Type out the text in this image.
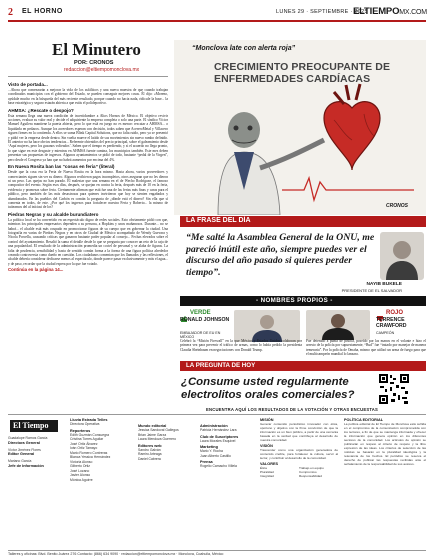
2 EL HORNO	LUNES 29 · SEPTIEMBRE · 2025
ELTIEMPOMX.COM
El Minutero
POR: CRONOS
redaccion@eltiempomonclova.mx
Visto de portada...

...Ahora que comenzarán a mejorar la vida de los asfálticos y una nueva muestra de que cuando trabajan coordinados municipios con el gobierno del Estado, se pueden conseguir mejores cosas. Él dijo: «Moreno, ayúdale mucho en la búsqueda del más reciente resultado, porque cuando no hacia nada, ridicule la base... la base estratégica y seguro estarán abierta a que estás el polideportivo.

AHMSA: ¿Rescate o despojo?

Esta semana llega una nueva condición de incertidumbre a Altos Hornos de México. El objetivo revivir acciones, evaluar su valor real y decide el adquiriente la empresa completa o solo una parte. El síndico Víctor Manuel Aguilera mantiene la puerta abierta, pero lo que está en juego no es menor: rescatar a AHMSA... o liquidarla en pedazos. Aunque los acreedores esperan con decisión, todos saben que AcereroMetal y Villacero siguen firmes en la contienda. A ellos se suma Blink Capital Solutions, que no falta ruido, pero ya se presentó y pidió ver la empresa desde dentro. Sin vuelta mueve el latido de sus movimientos sin nuevo rumbo definido. El anterior no ha hace obvios tendencias... Referente obtenidos del precio principal, sobre el galeamiento desde ‘Aquí mujeres, pero los gusanos volteados’. Saben que el tiempo es perdiendo, y si el acuerdo no llega pronto, lo que sigue en este desgaste y mientras en AHMSA fuente camina, los municipios también. Este mes deben presentar sus propuestas de ingresos. Algunos ayuntamientos se pidió de todo, bastante “pedal de la Virgen”, pero desde el Congreso ya han que no habrá aumentos por encima del 4%.

En Nueva Rosita ban las “cosas en feria” (literal)

Desde que la cosa era la Feria de Nueva Rosita en la hora mismo. Hasta ahora, varios proveedores y comerciantes siguen sin ver su dinero. Algunos recibieron pagos incompletos, otros aseguran que no les dieron ni un peso. Las quejas no han parado. El malestar que una semana en el de Wecho Rodríguez, el famoso compositor del evento. Según esos días, después, se quejan en contra la feria, después más de 10 en la feria, evidencia y promesas sobre feria. Ciertamente afirman que está fue una de las ferias más finas y caras para el público, pero también de las más desastrosas para quienes invirtieron que hoy se sienten engañados y abandonados. En las pueblos del Carbón es común la pregunta de ¿dónde está el dinero? Sin ella que sí comenta en todos, de este. ¿Por qué los ingresos para fortalecer nuestra Feria y Roberto... la mismo de tuiteamos del al iníciasi de los?

Piedras Negras y su alcalde burundiatero

La política local se ha convertido en un espectáculo digno de redes sociales. Esto obviamente pidió con que, mientras los principales empresarios dependen a su persona, a Hopkins y unos mañanosos. Durante... no se habrá... el alcalde está más ocupado en promocionar figuras de su cuerpo que en gobernar la ciudad. Una fotografía en varias de Piedras Negras y en otros de Ciudad de México acompañado de Wendy Guevara y Nicola Porcella, causando críticas que ganaron bastante poder popular al consejo... Fechas elevados sobre el control del ayuntamiento. Resaltó la suma el detalle desde lo que se pregunta por conocer un reto de la caja de una popularidad. El resultado de la administración promedia un coctel de personal y se alaba de figuras. La falta de prudencia, sensibilidad y hasta de sentido común forma a la forma de una figura política alrededor creando controversia como dueño en cuestión. Los ciudadanos comentan que los llamados y las reflexiones, el alcalde debería considerar dedicarse menos al espectáculo, donde parece pasar exclusivamente y más el agua... y de paso, recordar que la ciudad espera por la que fue votado.

Continúa en la página 14...
“Monclova late con alerta roja”
CRECIMIENTO PREOCUPANTE DE ENFERMEDADES CARDÍACAS
CRONOS
LA FRASE DEL DÍA
“Me salté la Asamblea General de la ONU, me pareció inútil este año, siempre puedes ver el discurso del año pasado si quieres perder tiempo”.
NAYIB BUKELE
PRESIDENTE DE EL SALVADOR
- NOMBRES PROPIOS -
VERDE
RONALD JOHNSON
EMBAJADOR DE EU EN MÉXICO
Celebró la “Misión Firewall” en la que México y Estados Unidos colaboran por primera vez para prevenir el tráfico de armas, como lo había pedido la presidenta Claudia Sheinbaum en negociaciones con Donald Trump.
ROJO
TERRENCE CRAWFORD
CAMPEÓN
Fue detenido a punta de pistola, poseído por las manos en el volante e hizo el arresto de la policía por supuestamente, “Bud” fue “tratado por manejar de manera temeraria”. Por la policía de Omaha, mismo que utilizó un arma de fuego para que el multicampeón mundial lo lanzara.
LA PREGUNTA DE HOY
¿Consume usted regularmente electrolitos orales comerciales?
ENCUENTRA AQUÍ LOS RESULTADOS DE LA VOTACIÓN Y OTRAS ENCUESTAS
El Tiempo
Guadalupe Ramos García
Directora General
Víctor Jiménez Flores
Editor General
Mariano García
Jefe de Información
Lluvia Estrada Telles
Directora Operativa
Reporteros
Edith Guzmán Consuegra
Cristina Torres Aguilar
José Ortiz Álvarez
Iván Ortiz Tamayo
Mario Romero Contreras
Blanca Yessica Hernández
Victoria Alonso
Gilberto Ortiz
José Lozano
Javier Alonso
Mónica Aguirre
Mundo editorial
Jessica Sandoval Gallegos
Brian Jaime Garza
Laura Mendoza Guerrero
Editores web
Sandro Galván
Ramiro Arteaga
Daniel Cabrera
Administración
Patricia Hernández Lara
Club de Suscriptores
Laura Morales Esquivel
Marketing
Mario Y. Rocha
Juan Alberto Castillo
Prensa
Rogelio Camacho Villela
MISIÓN
Generar contenido periodístico innovador con ética, oportuno y objetivo con la firme convicción de que la información es un bien público, a partir de una cercanía basada en la verdad que contribuya al desarrollo de nuestra comunidad.
VISIÓN
Trascender como una organización generadora de contenido creíble, para fortalecer la cultura, servir al lector, y contribuir al desarrollo de la comunidad.
VALORES
Ética	Trabajo en equipo
Pluralidad	Compromiso
Integridad	Responsabilidad
POLÍTICA EDITORIAL
La política editorial de El Tiempo de Monclova está ceñida en el compromiso de la comunicación comprometida con los lectores, a fin de que se mantenga informada y ofrecer la información que genera opinión en los diferentes sectores de la comunidad. Los artículos de opinión se publicarán en respeto al criterio de respeto y la libre expresión de las ideas. Los criterios de selección de las noticias se basarán en la pluralidad ideológica y la relevancia de los hechos. El periódico se reserva el derecho de publicar las respuestas recibidas ante el señalamiento de la responsabilidad de sus autores.
Talleres y oficinas: Blvd. Benito Juárez 276 Contacto: (866) 634 9090 · redaccion@eltiempomonclova.mx · Monclova, Coahuila, México
